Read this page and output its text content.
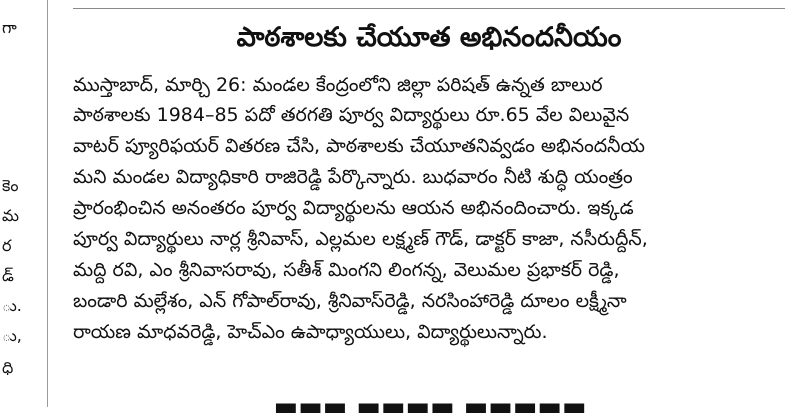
గా
కెం
మ
ర
డ్
ు.
ు,
ధి
పాఠశాలకు చేయూత అభినందనీయం
ముస్తాబాద్, మార్చి 26: మండల కేంద్రంలోని జిల్లా పరిషత్ ఉన్నత బాలుర
పాఠశాలకు 1984–85 పదో తరగతి పూర్వ విద్యార్థులు రూ.65 వేల విలువైన
వాటర్ ప్యూరిఫయర్ వితరణ చేసి, పాఠశాలకు చేయూతనివ్వడం అభినందనీయ
మని మండల విద్యాధికారి రాజిరెడ్డి పేర్కొన్నారు. బుధవారం నీటి శుద్ధి యంత్రం
ప్రారంభించిన అనంతరం పూర్వ విద్యార్థులను ఆయన అభినందించారు. ఇక్కడ
పూర్వ విద్యార్థులు నార్ల శ్రీనివాస్, ఎల్లమల లక్ష్మణ్ గౌడ్, డాక్టర్ కాజా, నసీరుద్దీన్,
మద్ది రవి, ఎం శ్రీనివాసరావు, సతీశ్ మింగని లింగన్న, వెలుమల ప్రభాకర్ రెడ్డి,
బండారి మల్లేశం, ఎన్ గోపాల్‌రావు, శ్రీనివాస్‌రెడ్డి, నరసింహారెడ్డి దూలం లక్ష్మీనా
రాయణ మాధవరెడ్డి, హెచ్ఎం ఉపాధ్యాయులు, విద్యార్థులున్నారు.
▬▬▬ ▬▬▬▬ ▬▬▬▬▬
